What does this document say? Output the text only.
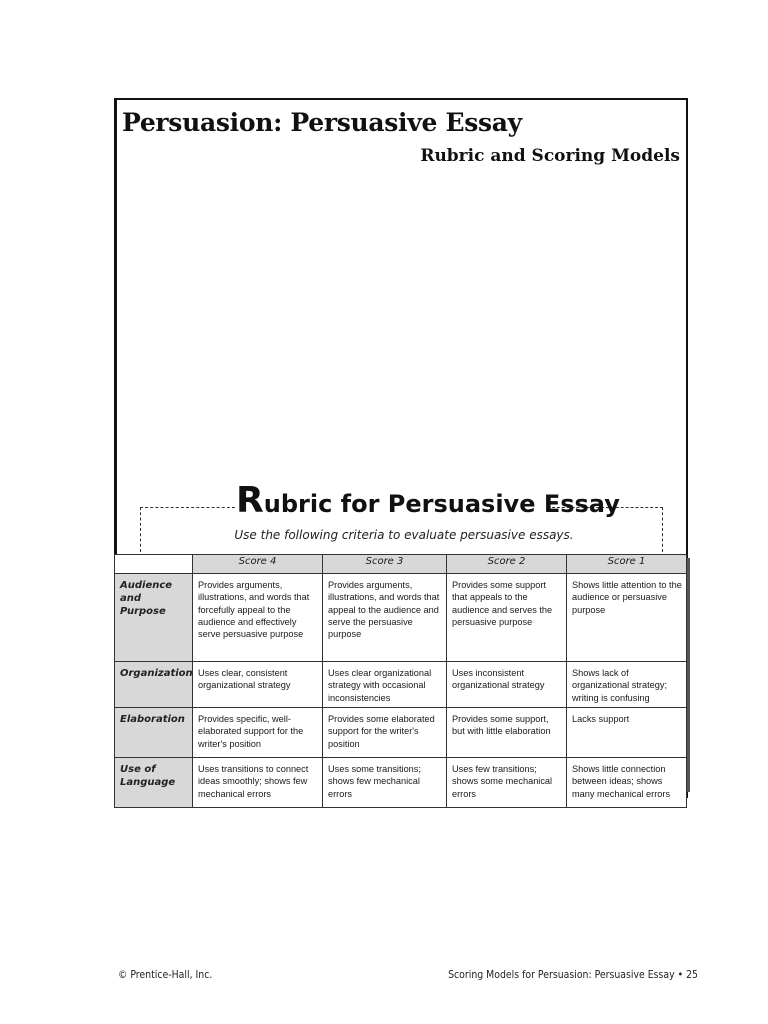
Persuasion: Persuasive Essay
Rubric and Scoring Models
Rubric for Persuasive Essay
Use the following criteria to evaluate persuasive essays.
	Score 4	Score 3	Score 2	Score 1
Audience and Purpose	Provides arguments, illustrations, and words that forcefully appeal to the audience and effectively serve persuasive purpose	Provides arguments, illustrations, and words that appeal to the audience and serve the persuasive purpose	Provides some support that appeals to the audience and serves the persuasive purpose	Shows little attention to the audience or persuasive purpose
Organization	Uses clear, consistent organizational strategy	Uses clear organizational strategy with occasional inconsistencies	Uses inconsistent organizational strategy	Shows lack of organizational strategy; writing is confusing
Elaboration	Provides specific, well-elaborated support for the writer's position	Provides some elaborated support for the writer's position	Provides some support, but with little elaboration	Lacks support
Use of Language	Uses transitions to connect ideas smoothly; shows few mechanical errors	Uses some transitions; shows few mechanical errors	Uses few transitions; shows some mechanical errors	Shows little connection between ideas; shows many mechanical errors
© Prentice-Hall, Inc.	Scoring Models for Persuasion: Persuasive Essay • 25
